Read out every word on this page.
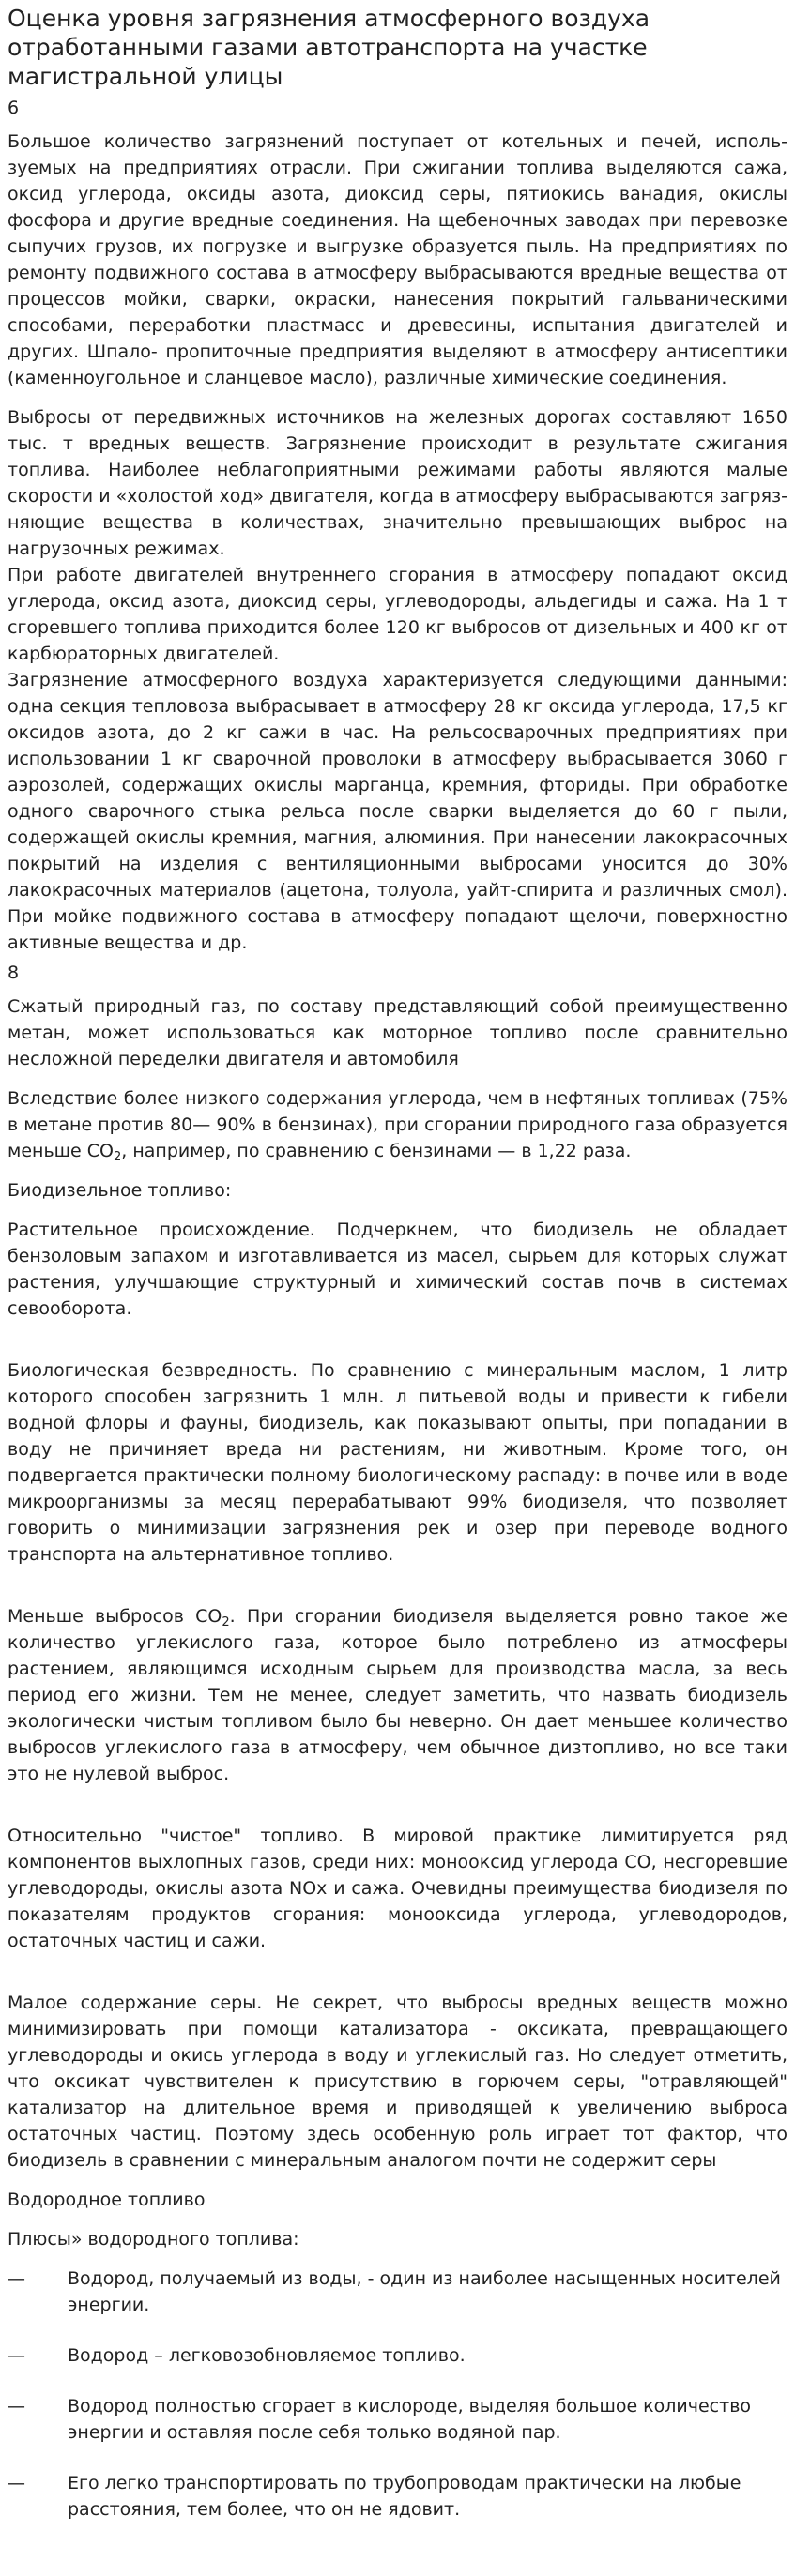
Оценка уровня загрязнения атмосферного воздуха отработанными газами автотранспорта на участке магистральной улицы
6

Большое количество загрязнений поступает от котельных и печей, исполь-зуемых на предприятиях отрасли. При сжигании топлива выделяются сажа, оксид углерода, оксиды азота, диоксид серы, пятиокись ванадия, окислы фосфора и другие вредные соединения. На щебеночных заводах при перевозке сыпучих грузов, их погрузке и выгрузке образуется пыль. На предприятиях по ремонту подвижного состава в атмосферу выбрасываются вредные вещества от процессов мойки, сварки, окраски, нанесения покрытий гальваническими способами, переработки пластмасс и древесины, испытания двигателей и других. Шпало- пропиточные предприятия выделяют в атмосферу антисептики (каменноугольное и сланцевое масло), различные химические соединения.

Выбросы от передвижных источников на железных дорогах составляют 1650 тыс. т вредных веществ. Загрязнение происходит в результате сжигания топлива. Наиболее неблагоприятными режимами работы являются малые скорости и «холостой ход» двигателя, когда в атмосферу выбрасываются загряз-няющие вещества в количествах, значительно превышающих выброс на нагрузочных режимах.

При работе двигателей внутреннего сгорания в атмосферу попадают оксид углерода, оксид азота, диоксид серы, углеводороды, альдегиды и сажа. На 1 т сгоревшего топлива приходится более 120 кг выбросов от дизельных и 400 кг от карбюраторных двигателей.

Загрязнение атмосферного воздуха характеризуется следующими данными: одна секция тепловоза выбрасывает в атмосферу 28 кг оксида углерода, 17,5 кг оксидов азота, до 2 кг сажи в час. На рельсосварочных предприятиях при использовании 1 кг сварочной проволоки в атмосферу выбрасывается 3060 г аэрозолей, содержащих окислы марганца, кремния, фториды. При обработке одного сварочного стыка рельса после сварки выделяется до 60 г пыли, содержащей окислы кремния, магния, алюминия. При нанесении лакокрасочных покрытий на изделия с вентиляционными выбросами уносится до 30% лакокрасочных материалов (ацетона, толуола, уайт-спирита и различных смол). При мойке подвижного состава в атмосферу попадают щелочи, поверхностно активные вещества и др.

8

Сжатый природный газ, по составу представляющий собой преимущественно метан, может использоваться как моторное топливо после сравнительно несложной переделки двигателя и автомобиля

Вследствие более низкого содержания углерода, чем в нефтяных топливах (75% в метане против 80— 90% в бензинах), при сгорании природного газа образуется меньше $CO_2$, например, по сравнению с бензинами — в 1,22 раза.

Биодизельное топливо:

Растительное происхождение. Подчеркнем, что биодизель не обладает бензоловым запахом и изготавливается из масел, сырьем для которых служат растения, улучшающие структурный и химический состав почв в системах севооборота.

Биологическая безвредность. По сравнению с минеральным маслом, 1 литр которого способен загрязнить 1 млн. л питьевой воды и привести к гибели водной флоры и фауны, биодизель, как показывают опыты, при попадании в воду не причиняет вреда ни растениям, ни животным. Кроме того, он подвергается практически полному биологическому распаду: в почве или в воде микроорганизмы за месяц перерабатывают 99% биодизеля, что позволяет говорить о минимизации загрязнения рек и озер при переводе водного транспорта на альтернативное топливо.

Меньше выбросов $CO_2$. При сгорании биодизеля выделяется ровно такое же количество углекислого газа, которое было потреблено из атмосферы растением, являющимся исходным сырьем для производства масла, за весь период его жизни. Тем не менее, следует заметить, что назвать биодизель экологически чистым топливом было бы неверно. Он дает меньшее количество выбросов углекислого газа в атмосферу, чем обычное дизтопливо, но все таки это не нулевой выброс.

Относительно "чистое" топливо. В мировой практике лимитируется ряд компонентов выхлопных газов, среди них: монооксид углерода СО, несгоревшие углеводороды, окислы азота NOx и сажа. Очевидны преимущества биодизеля по показателям продуктов сгорания: монооксида углерода, углеводородов, остаточных частиц и сажи.

Малое содержание серы. Не секрет, что выбросы вредных веществ можно минимизировать при помощи катализатора - оксиката, превращающего углеводороды и окись углерода в воду и углекислый газ. Но следует отметить, что оксикат чувствителен к присутствию в горючем серы, "отравляющей" катализатор на длительное время и приводящей к увеличению выброса остаточных частиц. Поэтому здесь особенную роль играет тот фактор, что биодизель в сравнении с минеральным аналогом почти не содержит серы

Водородное топливо

Плюсы» водородного топлива:

—	Водород, получаемый из воды, - один из наиболее насыщенных носителей энергии.
—	Водород – легковозобновляемое топливо.
—	Водород полностью сгорает в кислороде, выделяя большое количество энергии и оставляя после себя только водяной пар.
—	Его легко транспортировать по трубопроводам практически на любые расстояния, тем более, что он не ядовит.
